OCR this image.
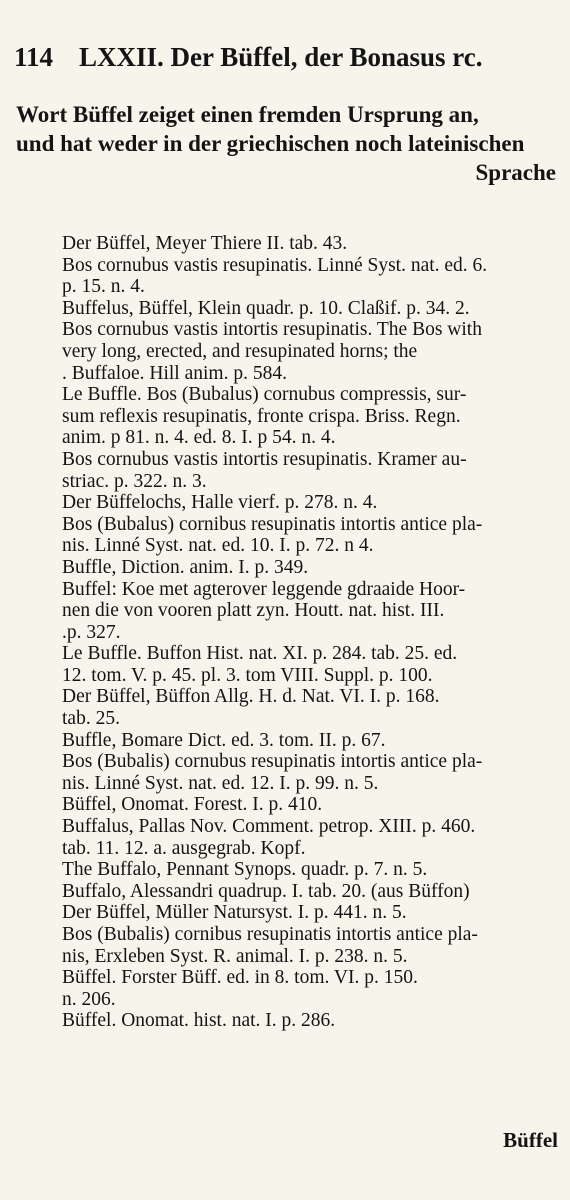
114 LXXII. Der Büffel, der Bonasus rc.
Wort Büffel zeiget einen fremden Ursprung an,
und hat weder in der griechischen noch lateinischen
Sprache
Der Büffel, Meyer Thiere II. tab. 43.
Bos cornubus vastis resupinatis. Linné Syst. nat. ed. 6.
p. 15. n. 4.
Buffelus, Büffel, Klein quadr. p. 10. Claßif. p. 34. 2.
Bos cornubus vastis intortis resupinatis. The Bos with
very long, erected, and resupinated horns; the
. Buffaloe. Hill anim. p. 584.
Le Buffle. Bos (Bubalus) cornubus compressis, sur-
sum reflexis resupinatis, fronte crispa. Briss. Regn.
anim. p 81. n. 4. ed. 8. I. p 54. n. 4.
Bos cornubus vastis intortis resupinatis. Kramer au-
striac. p. 322. n. 3.
Der Büffelochs, Halle vierf. p. 278. n. 4.
Bos (Bubalus) cornibus resupinatis intortis antice pla-
nis. Linné Syst. nat. ed. 10. I. p. 72. n 4.
Buffle, Diction. anim. I. p. 349.
Buffel: Koe met agterover leggende gdraaide Hoor-
nen die von vooren platt zyn. Houtt. nat. hist. III.
.p. 327.
Le Buffle. Buffon Hist. nat. XI. p. 284. tab. 25. ed.
12. tom. V. p. 45. pl. 3. tom VIII. Suppl. p. 100.
Der Büffel, Büffon Allg. H. d. Nat. VI. I. p. 168.
tab. 25.
Buffle, Bomare Dict. ed. 3. tom. II. p. 67.
Bos (Bubalis) cornubus resupinatis intortis antice pla-
nis. Linné Syst. nat. ed. 12. I. p. 99. n. 5.
Büffel, Onomat. Forest. I. p. 410.
Buffalus, Pallas Nov. Comment. petrop. XIII. p. 460.
tab. 11. 12. a. ausgegrab. Kopf.
The Buffalo, Pennant Synops. quadr. p. 7. n. 5.
Buffalo, Alessandri quadrup. I. tab. 20. (aus Büffon)
Der Büffel, Müller Natursyst. I. p. 441. n. 5.
Bos (Bubalis) cornibus resupinatis intortis antice pla-
nis, Erxleben Syst. R. animal. I. p. 238. n. 5.
Büffel. Forster Büff. ed. in 8. tom. VI. p. 150.
n. 206.
Büffel. Onomat. hist. nat. I. p. 286.
Büffel
